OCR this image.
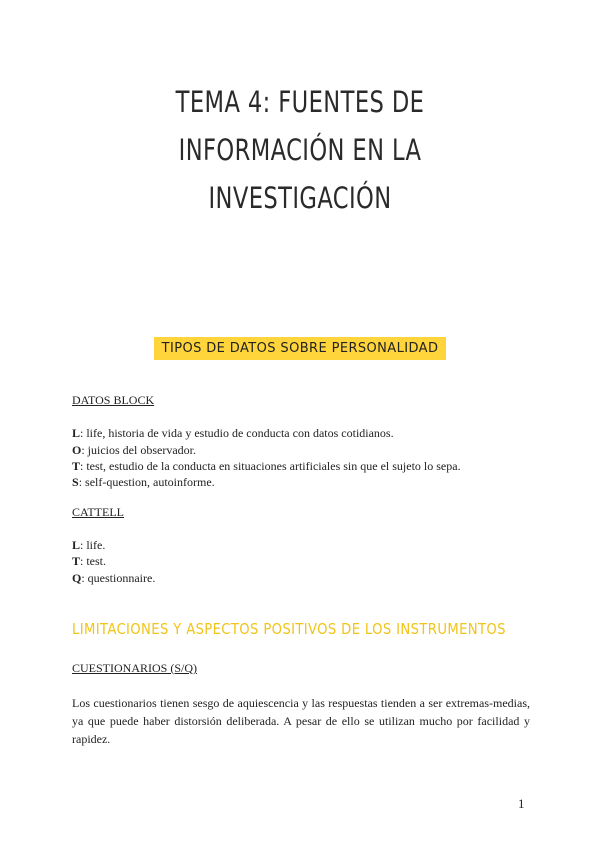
TEMA 4: FUENTES DE INFORMACIÓN EN LA INVESTIGACIÓN
TIPOS DE DATOS SOBRE PERSONALIDAD
DATOS BLOCK
L: life, historia de vida y estudio de conducta con datos cotidianos.
O: juicios del observador.
T: test, estudio de la conducta en situaciones artificiales sin que el sujeto lo sepa.
S: self-question, autoinforme.
CATTELL
L: life.
T: test.
Q: questionnaire.
LIMITACIONES Y ASPECTOS POSITIVOS DE LOS INSTRUMENTOS
CUESTIONARIOS (S/Q)
Los cuestionarios tienen sesgo de aquiescencia y las respuestas tienden a ser extremas-medias, ya que puede haber distorsión deliberada. A pesar de ello se utilizan mucho por facilidad y rapidez.
1
